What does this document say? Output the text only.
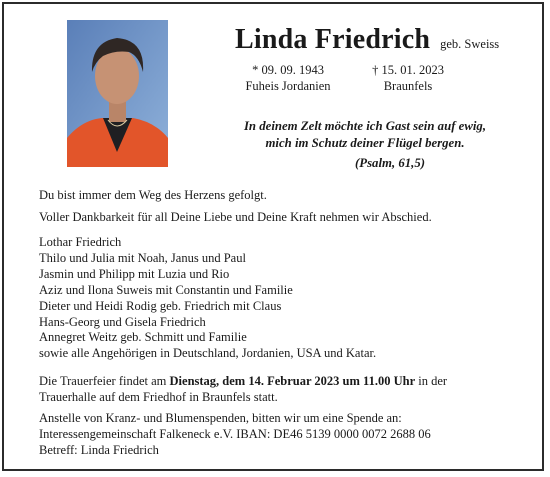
Linda Friedrich geb. Sweiss
* 09. 09. 1943
Fuheis Jordanien
† 15. 01. 2023
Braunfels
In deinem Zelt möchte ich Gast sein auf ewig,
mich im Schutz deiner Flügel bergen.
(Psalm, 61,5)
Du bist immer dem Weg des Herzens gefolgt.
Voller Dankbarkeit für all Deine Liebe und Deine Kraft nehmen wir Abschied.
Lothar Friedrich
Thilo und Julia mit Noah, Janus und Paul
Jasmin und Philipp mit Luzia und Rio
Aziz und Ilona Suweis mit Constantin und Familie
Dieter und Heidi Rodig geb. Friedrich mit Claus
Hans-Georg und Gisela Friedrich
Annegret Weitz geb. Schmitt und Familie
sowie alle Angehörigen in Deutschland, Jordanien, USA und Katar.
Die Trauerfeier findet am Dienstag, dem 14. Februar 2023 um 11.00 Uhr in der
Trauerhalle auf dem Friedhof in Braunfels statt.
Anstelle von Kranz- und Blumenspenden, bitten wir um eine Spende an:
Interessengemeinschaft Falkeneck e.V. IBAN: DE46 5139 0000 0072 2688 06
Betreff: Linda Friedrich
